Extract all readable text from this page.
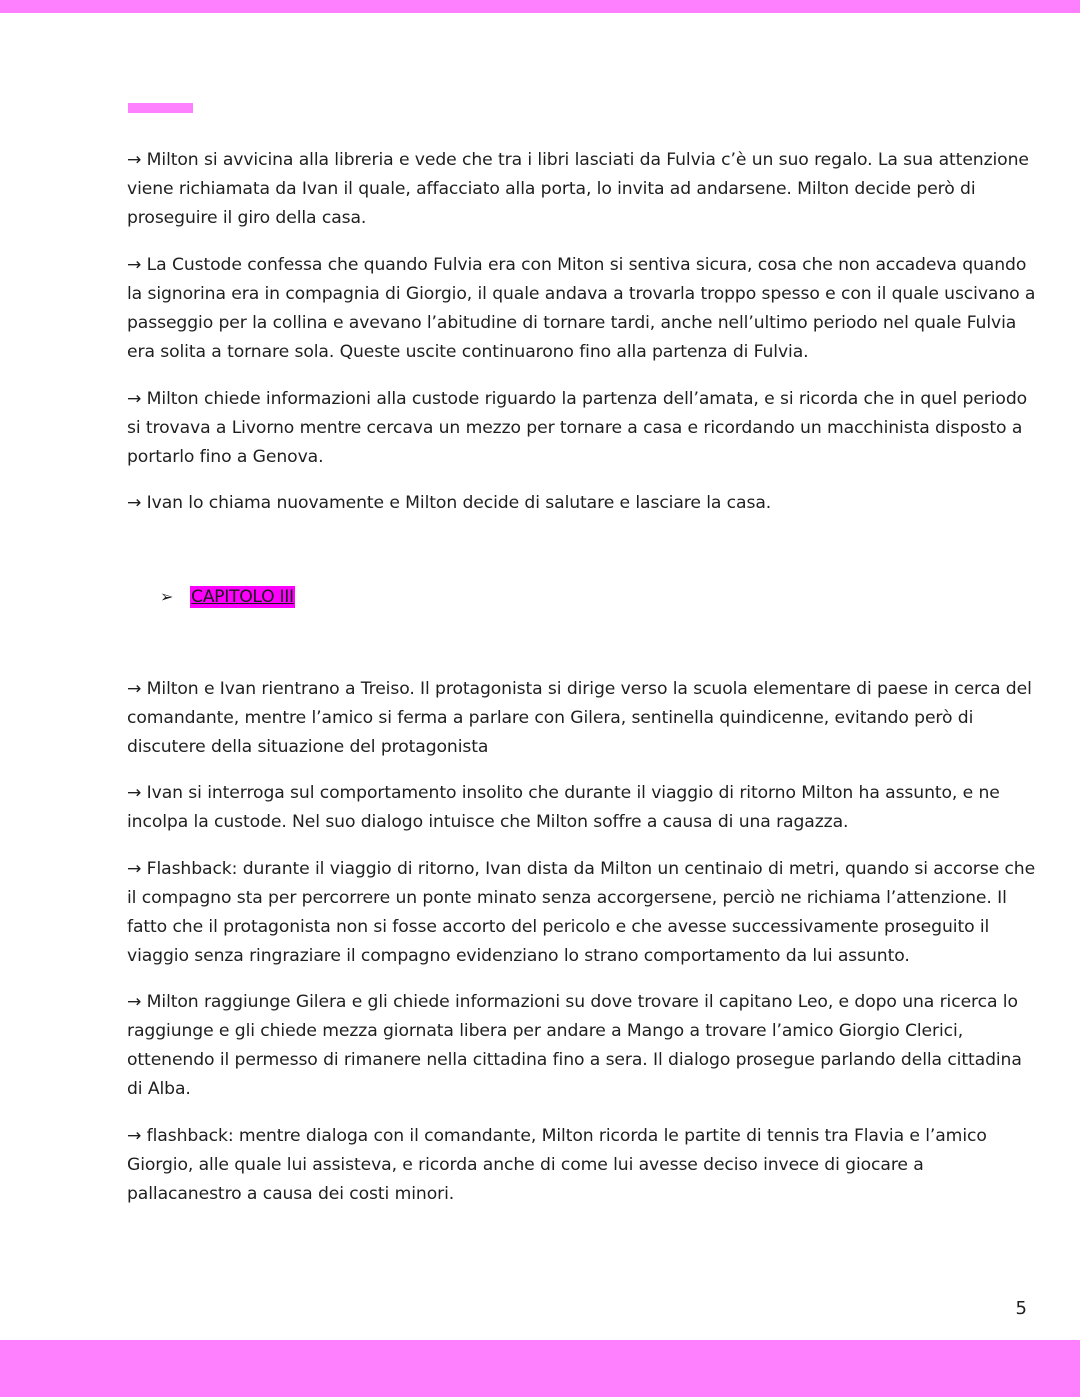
→ Milton si avvicina alla libreria e vede che tra i libri lasciati da Fulvia c’è un suo regalo. La sua attenzione viene richiamata da Ivan il quale, affacciato alla porta, lo invita ad andarsene. Milton decide però di proseguire il giro della casa.

→ La Custode confessa che quando Fulvia era con Miton si sentiva sicura, cosa che non accadeva quando la signorina era in compagnia di Giorgio, il quale andava a trovarla troppo spesso e con il quale uscivano a passeggio per la collina e avevano l’abitudine di tornare tardi, anche nell’ultimo periodo nel quale Fulvia era solita a tornare sola. Queste uscite continuarono fino alla partenza di Fulvia.

→ Milton chiede informazioni alla custode riguardo la partenza dell’amata, e si ricorda che in quel periodo si trovava a Livorno mentre cercava un mezzo per tornare a casa e ricordando un macchinista disposto a portarlo fino a Genova.

→ Ivan lo chiama nuovamente e Milton decide di salutare e lasciare la casa.

➢	CAPITOLO III

→ Milton e Ivan rientrano a Treiso. Il protagonista si dirige verso la scuola elementare di paese in cerca del comandante, mentre l’amico si ferma a parlare con Gilera, sentinella quindicenne, evitando però di discutere della situazione del protagonista

→ Ivan si interroga sul comportamento insolito che durante il viaggio di ritorno Milton ha assunto, e ne incolpa la custode. Nel suo dialogo intuisce che Milton soffre a causa di una ragazza.

→ Flashback: durante il viaggio di ritorno, Ivan dista da Milton un centinaio di metri, quando si accorse che il compagno sta per percorrere un ponte minato senza accorgersene, perciò ne richiama l’attenzione. Il fatto che il protagonista non si fosse accorto del pericolo e che avesse successivamente proseguito il viaggio senza ringraziare il compagno evidenziano lo strano comportamento da lui assunto.

→ Milton raggiunge Gilera e gli chiede informazioni su dove trovare il capitano Leo, e dopo una ricerca lo raggiunge e gli chiede mezza giornata libera per andare a Mango a trovare l’amico Giorgio Clerici, ottenendo il permesso di rimanere nella cittadina fino a sera. Il dialogo prosegue parlando della cittadina di Alba.

→ flashback: mentre dialoga con il comandante, Milton ricorda le partite di tennis tra Flavia e l’amico Giorgio, alle quale lui assisteva, e ricorda anche di come lui avesse deciso invece di giocare a pallacanestro a causa dei costi minori.

5
